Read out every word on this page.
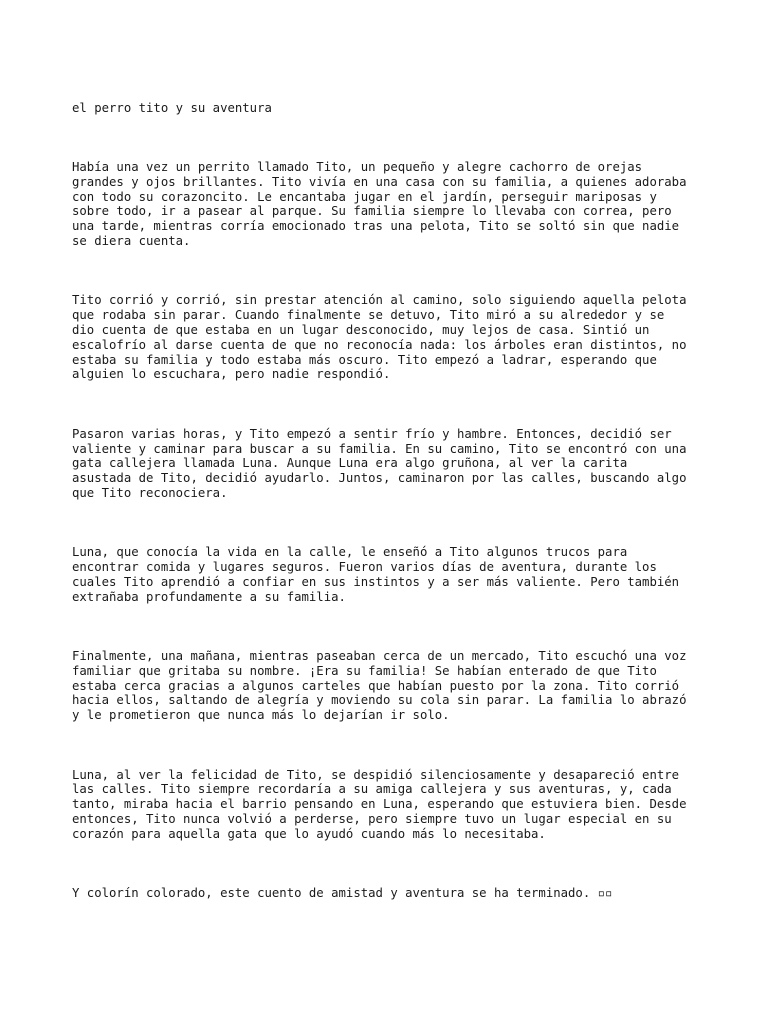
el perro tito y su aventura

Había una vez un perrito llamado Tito, un pequeño y alegre cachorro de orejas
grandes y ojos brillantes. Tito vivía en una casa con su familia, a quienes adoraba
con todo su corazoncito. Le encantaba jugar en el jardín, perseguir mariposas y
sobre todo, ir a pasear al parque. Su familia siempre lo llevaba con correa, pero
una tarde, mientras corría emocionado tras una pelota, Tito se soltó sin que nadie
se diera cuenta.

Tito corrió y corrió, sin prestar atención al camino, solo siguiendo aquella pelota
que rodaba sin parar. Cuando finalmente se detuvo, Tito miró a su alrededor y se
dio cuenta de que estaba en un lugar desconocido, muy lejos de casa. Sintió un
escalofrío al darse cuenta de que no reconocía nada: los árboles eran distintos, no
estaba su familia y todo estaba más oscuro. Tito empezó a ladrar, esperando que
alguien lo escuchara, pero nadie respondió.

Pasaron varias horas, y Tito empezó a sentir frío y hambre. Entonces, decidió ser
valiente y caminar para buscar a su familia. En su camino, Tito se encontró con una
gata callejera llamada Luna. Aunque Luna era algo gruñona, al ver la carita
asustada de Tito, decidió ayudarlo. Juntos, caminaron por las calles, buscando algo
que Tito reconociera.

Luna, que conocía la vida en la calle, le enseñó a Tito algunos trucos para
encontrar comida y lugares seguros. Fueron varios días de aventura, durante los
cuales Tito aprendió a confiar en sus instintos y a ser más valiente. Pero también
extrañaba profundamente a su familia.

Finalmente, una mañana, mientras paseaban cerca de un mercado, Tito escuchó una voz
familiar que gritaba su nombre. ¡Era su familia! Se habían enterado de que Tito
estaba cerca gracias a algunos carteles que habían puesto por la zona. Tito corrió
hacia ellos, saltando de alegría y moviendo su cola sin parar. La familia lo abrazó
y le prometieron que nunca más lo dejarían ir solo.

Luna, al ver la felicidad de Tito, se despidió silenciosamente y desapareció entre
las calles. Tito siempre recordaría a su amiga callejera y sus aventuras, y, cada
tanto, miraba hacia el barrio pensando en Luna, esperando que estuviera bien. Desde
entonces, Tito nunca volvió a perderse, pero siempre tuvo un lugar especial en su
corazón para aquella gata que lo ayudó cuando más lo necesitaba.

Y colorín colorado, este cuento de amistad y aventura se ha terminado. ▫▫
